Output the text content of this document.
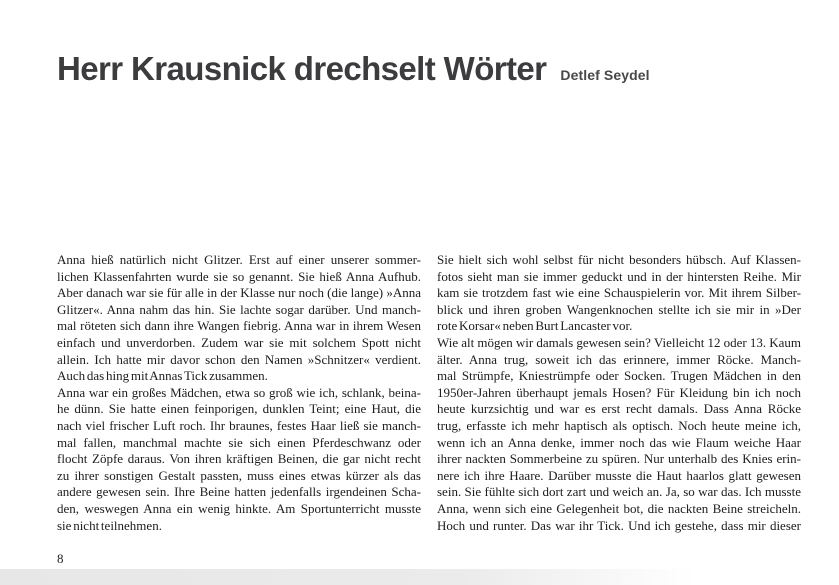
Herr Krausnick drechselt Wörter Detlef Seydel
Anna hieß natürlich nicht Glitzer. Erst auf einer unserer sommer-
lichen Klassenfahrten wurde sie so genannt. Sie hieß Anna Aufhub.
Aber danach war sie für alle in der Klasse nur noch (die lange) »Anna
Glitzer«. Anna nahm das hin. Sie lachte sogar darüber. Und manch-
mal röteten sich dann ihre Wangen fiebrig. Anna war in ihrem Wesen
einfach und unverdorben. Zudem war sie mit solchem Spott nicht
allein. Ich hatte mir davor schon den Namen »Schnitzer« verdient.
Auch das hing mit Annas Tick zusammen.
Anna war ein großes Mädchen, etwa so groß wie ich, schlank, beina-
he dünn. Sie hatte einen feinporigen, dunklen Teint; eine Haut, die
nach viel frischer Luft roch. Ihr braunes, festes Haar ließ sie manch-
mal fallen, manchmal machte sie sich einen Pferdeschwanz oder
flocht Zöpfe daraus. Von ihren kräftigen Beinen, die gar nicht recht
zu ihrer sonstigen Gestalt passten, muss eines etwas kürzer als das
andere gewesen sein. Ihre Beine hatten jedenfalls irgendeinen Scha-
den, weswegen Anna ein wenig hinkte. Am Sportunterricht musste
sie nicht teilnehmen.
Sie hielt sich wohl selbst für nicht besonders hübsch. Auf Klassen-
fotos sieht man sie immer geduckt und in der hintersten Reihe. Mir
kam sie trotzdem fast wie eine Schauspielerin vor. Mit ihrem Silber-
blick und ihren groben Wangenknochen stellte ich sie mir in »Der
rote Korsar« neben Burt Lancaster vor.
Wie alt mögen wir damals gewesen sein? Vielleicht 12 oder 13. Kaum
älter. Anna trug, soweit ich das erinnere, immer Röcke. Manch-
mal Strümpfe, Kniestrümpfe oder Socken. Trugen Mädchen in den
1950er-Jahren überhaupt jemals Hosen? Für Kleidung bin ich noch
heute kurzsichtig und war es erst recht damals. Dass Anna Röcke
trug, erfasste ich mehr haptisch als optisch. Noch heute meine ich,
wenn ich an Anna denke, immer noch das wie Flaum weiche Haar
ihrer nackten Sommerbeine zu spüren. Nur unterhalb des Knies erin-
nere ich ihre Haare. Darüber musste die Haut haarlos glatt gewesen
sein. Sie fühlte sich dort zart und weich an. Ja, so war das. Ich musste
Anna, wenn sich eine Gelegenheit bot, die nackten Beine streicheln.
Hoch und runter. Das war ihr Tick. Und ich gestehe, dass mir dieser
8
